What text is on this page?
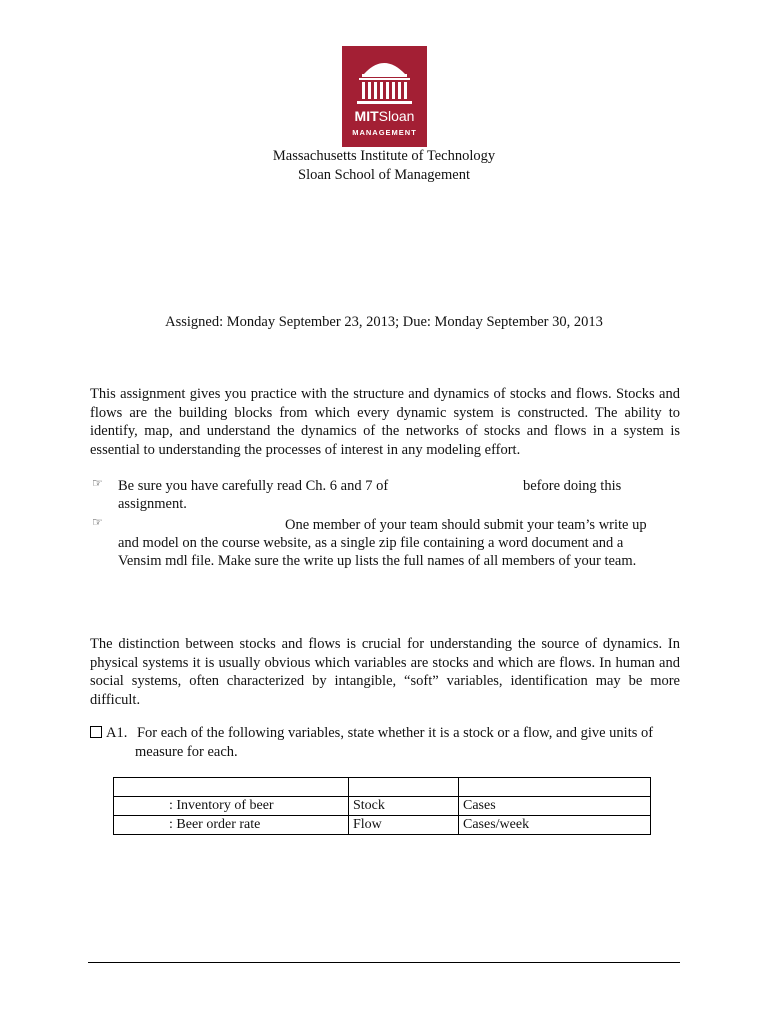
MITSloan
MANAGEMENT
Massachusetts Institute of Technology
Sloan School of Management
Assigned: Monday September 23, 2013; Due: Monday September 30, 2013
This assignment gives you practice with the structure and dynamics of stocks and flows. Stocks and flows are the building blocks from which every dynamic system is constructed. The ability to identify, map, and understand the dynamics of the networks of stocks and flows in a system is essential to understanding the processes of interest in any modeling effort.
☞ Be sure you have carefully read Ch. 6 and 7 of	before doing this
assignment.
☞	One member of your team should submit your team’s write up
and model on the course website, as a single zip file containing a word document and a
Vensim mdl file. Make sure the write up lists the full names of all members of your team.
The distinction between stocks and flows is crucial for understanding the source of dynamics. In physical systems it is usually obvious which variables are stocks and which are flows. In human and social systems, often characterized by intangible, “soft” variables, identification may be more difficult.
A1. For each of the following variables, state whether it is a stock or a flow, and give units of
measure for each.

: Inventory of beer	Stock	Cases
: Beer order rate	Flow	Cases/week
